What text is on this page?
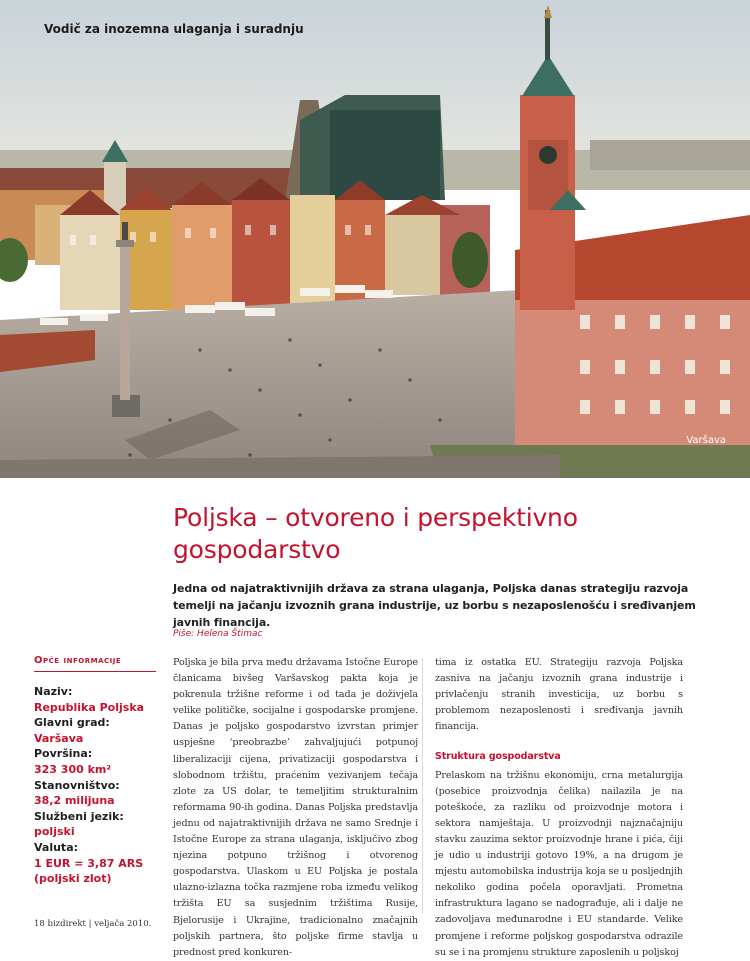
Vodič za inozemna ulaganja i suradnju
Varšava
Poljska – otvoreno i perspektivno gospodarstvo

Jedna od najatraktivnijih država za strana ulaganja, Poljska danas strategiju razvoja temelji na jačanju izvoznih grana industrije, uz borbu s nezaposlenošću i sređivanjem javnih financija.

Piše: Helena Štimac
Opće informacije
Naziv:
Republika Poljska
Glavni grad:
Varšava
Površina:
323 300 km²
Stanovništvo:
38,2 milijuna
Službeni jezik:
poljski
Valuta:
1 EUR = 3,87 ARS (poljski zlot)

Poljska je bila prva među državama Istočne Europe članicama bivšeg Varšavskog pakta koja je pokrenula tržišne reforme i od tada je doživjela velike političke, socijalne i gospodarske promjene. Danas je poljsko gospodarstvo izvrstan primjer uspješne ‘preobrazbe’ zahvaljujući potpunoj liberalizaciji cijena, privatizaciji gospodarstva i slobodnom tržištu, praćenim vezivanjem tečaja zlote za US dolar, te temeljitim strukturalnim reformama 90-ih godina. Danas Poljska predstavlja jednu od najatraktivnijih država ne samo Srednje i Istočne Europe za strana ulaganja, isključivo zbog njezina potpuno tržišnog i otvorenog gospodarstva. Ulaskom u EU Poljska je postala ulazno-izlazna točka razmjene roba između velikog tržišta EU sa susjednim tržištima Rusije, Bjelorusije i Ukrajine, tradicionalno značajnih poljskih partnera, što poljske firme stavlja u prednost pred konkuren-

tima iz ostatka EU. Strategiju razvoja Poljska zasniva na jačanju izvoznih grana industrije i privlačenju stranih investicija, uz borbu s problemom nezaposlenosti i sređivanja javnih financija.

Struktura gospodarstva

Prelaskom na tržišnu ekonomiju, crna metalurgija (posebice proizvodnja čelika) nailazila je na poteškoće, za razliku od proizvodnje motora i sektora namještaja. U proizvodnji najznačajniju stavku zauzima sektor proizvodnje hrane i pića, čiji je udio u industriji gotovo 19%, a na drugom je mjestu automobilska industrija koja se u posljednjih nekoliko godina počela oporavljati. Prometna infrastruktura lagano se nadograđuje, ali i dalje ne zadovoljava međunarodne i EU standarde. Velike promjene i reforme poljskog gospodarstva odrazile su se i na promjenu strukture zaposlenih u poljskoj

18 bizdirekt | veljača 2010.
